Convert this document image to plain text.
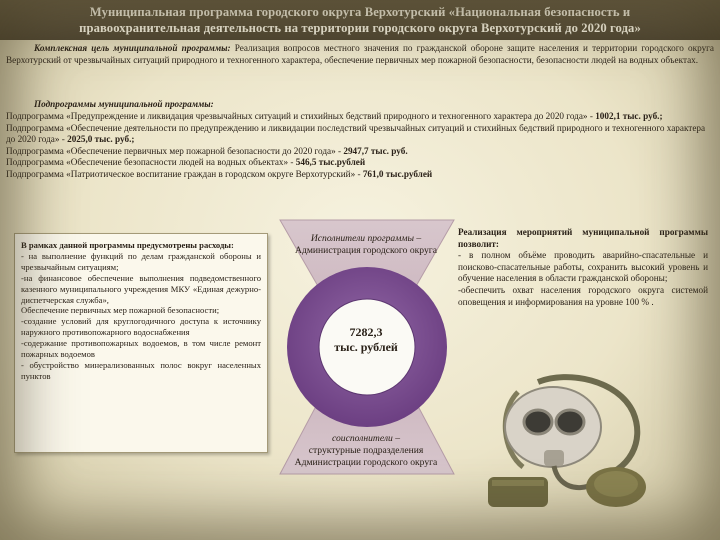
Муниципальная программа городского округа Верхотурский «Национальная безопасность и
правоохранительная деятельность на территории городского округа Верхотурский до 2020 года»
Комплексная цель муниципальной программы: Реализация вопросов местного значения по гражданской обороне защите населения и территории городского округа Верхотурский от чрезвычайных ситуаций природного и техногенного характера, обеспечение первичных мер пожарной безопасности, безопасности людей на водных объектах.
Подпрограммы муниципальной программы:
Подпрограмма «Предупреждение и ликвидация чрезвычайных ситуаций и стихийных бедствий природного и техногенного характера до 2020 года» - 1002,1 тыс. руб.;
Подпрограмма «Обеспечение деятельности по предупреждению и ликвидации последствий чрезвычайных ситуаций и стихийных бедствий природного и техногенного характера до 2020 года» - 2025,0 тыс. руб.;
Подпрограмма «Обеспечение первичных мер пожарной безопасности до 2020 года» - 2947,7 тыс. руб.
Подпрограмма «Обеспечение безопасности людей на водных объектах» - 546,5 тыс.рублей
Подпрограмма «Патриотическое воспитание граждан в городском округе Верхотурский» - 761,0 тыс.рублей
В рамках данной программы предусмотрены расходы:
- на выполнение функций по делам гражданской обороны и чрезвычайным ситуациям;
-на финансовое обеспечение выполнения подведомственного казенного муниципального учреждения МКУ «Единая дежурно-диспетчерская служба»,
Обеспечение первичных мер пожарной безопасности;
-создание условий для круглогодичного доступа к источнику наружного противопожарного водоснабжения
-содержание противопожарных водоемов, в том числе ремонт пожарных водоемов
- обустройство минерализованных полос вокруг населенных пунктов
Исполнители программы –
Администрация городского округа
7282,3
тыс. рублей
соисполнители –
структурные подразделения Администрации городского округа
Реализация мероприятий муниципальной программы позволит:
- в полном объёме проводить аварийно-спасательные и поисково-спасательные работы, сохранить высокий уровень и обучение населения в области гражданской обороны;
-обеспечить охват населения городского округа системой оповещения и информирования на уровне 100 % .
